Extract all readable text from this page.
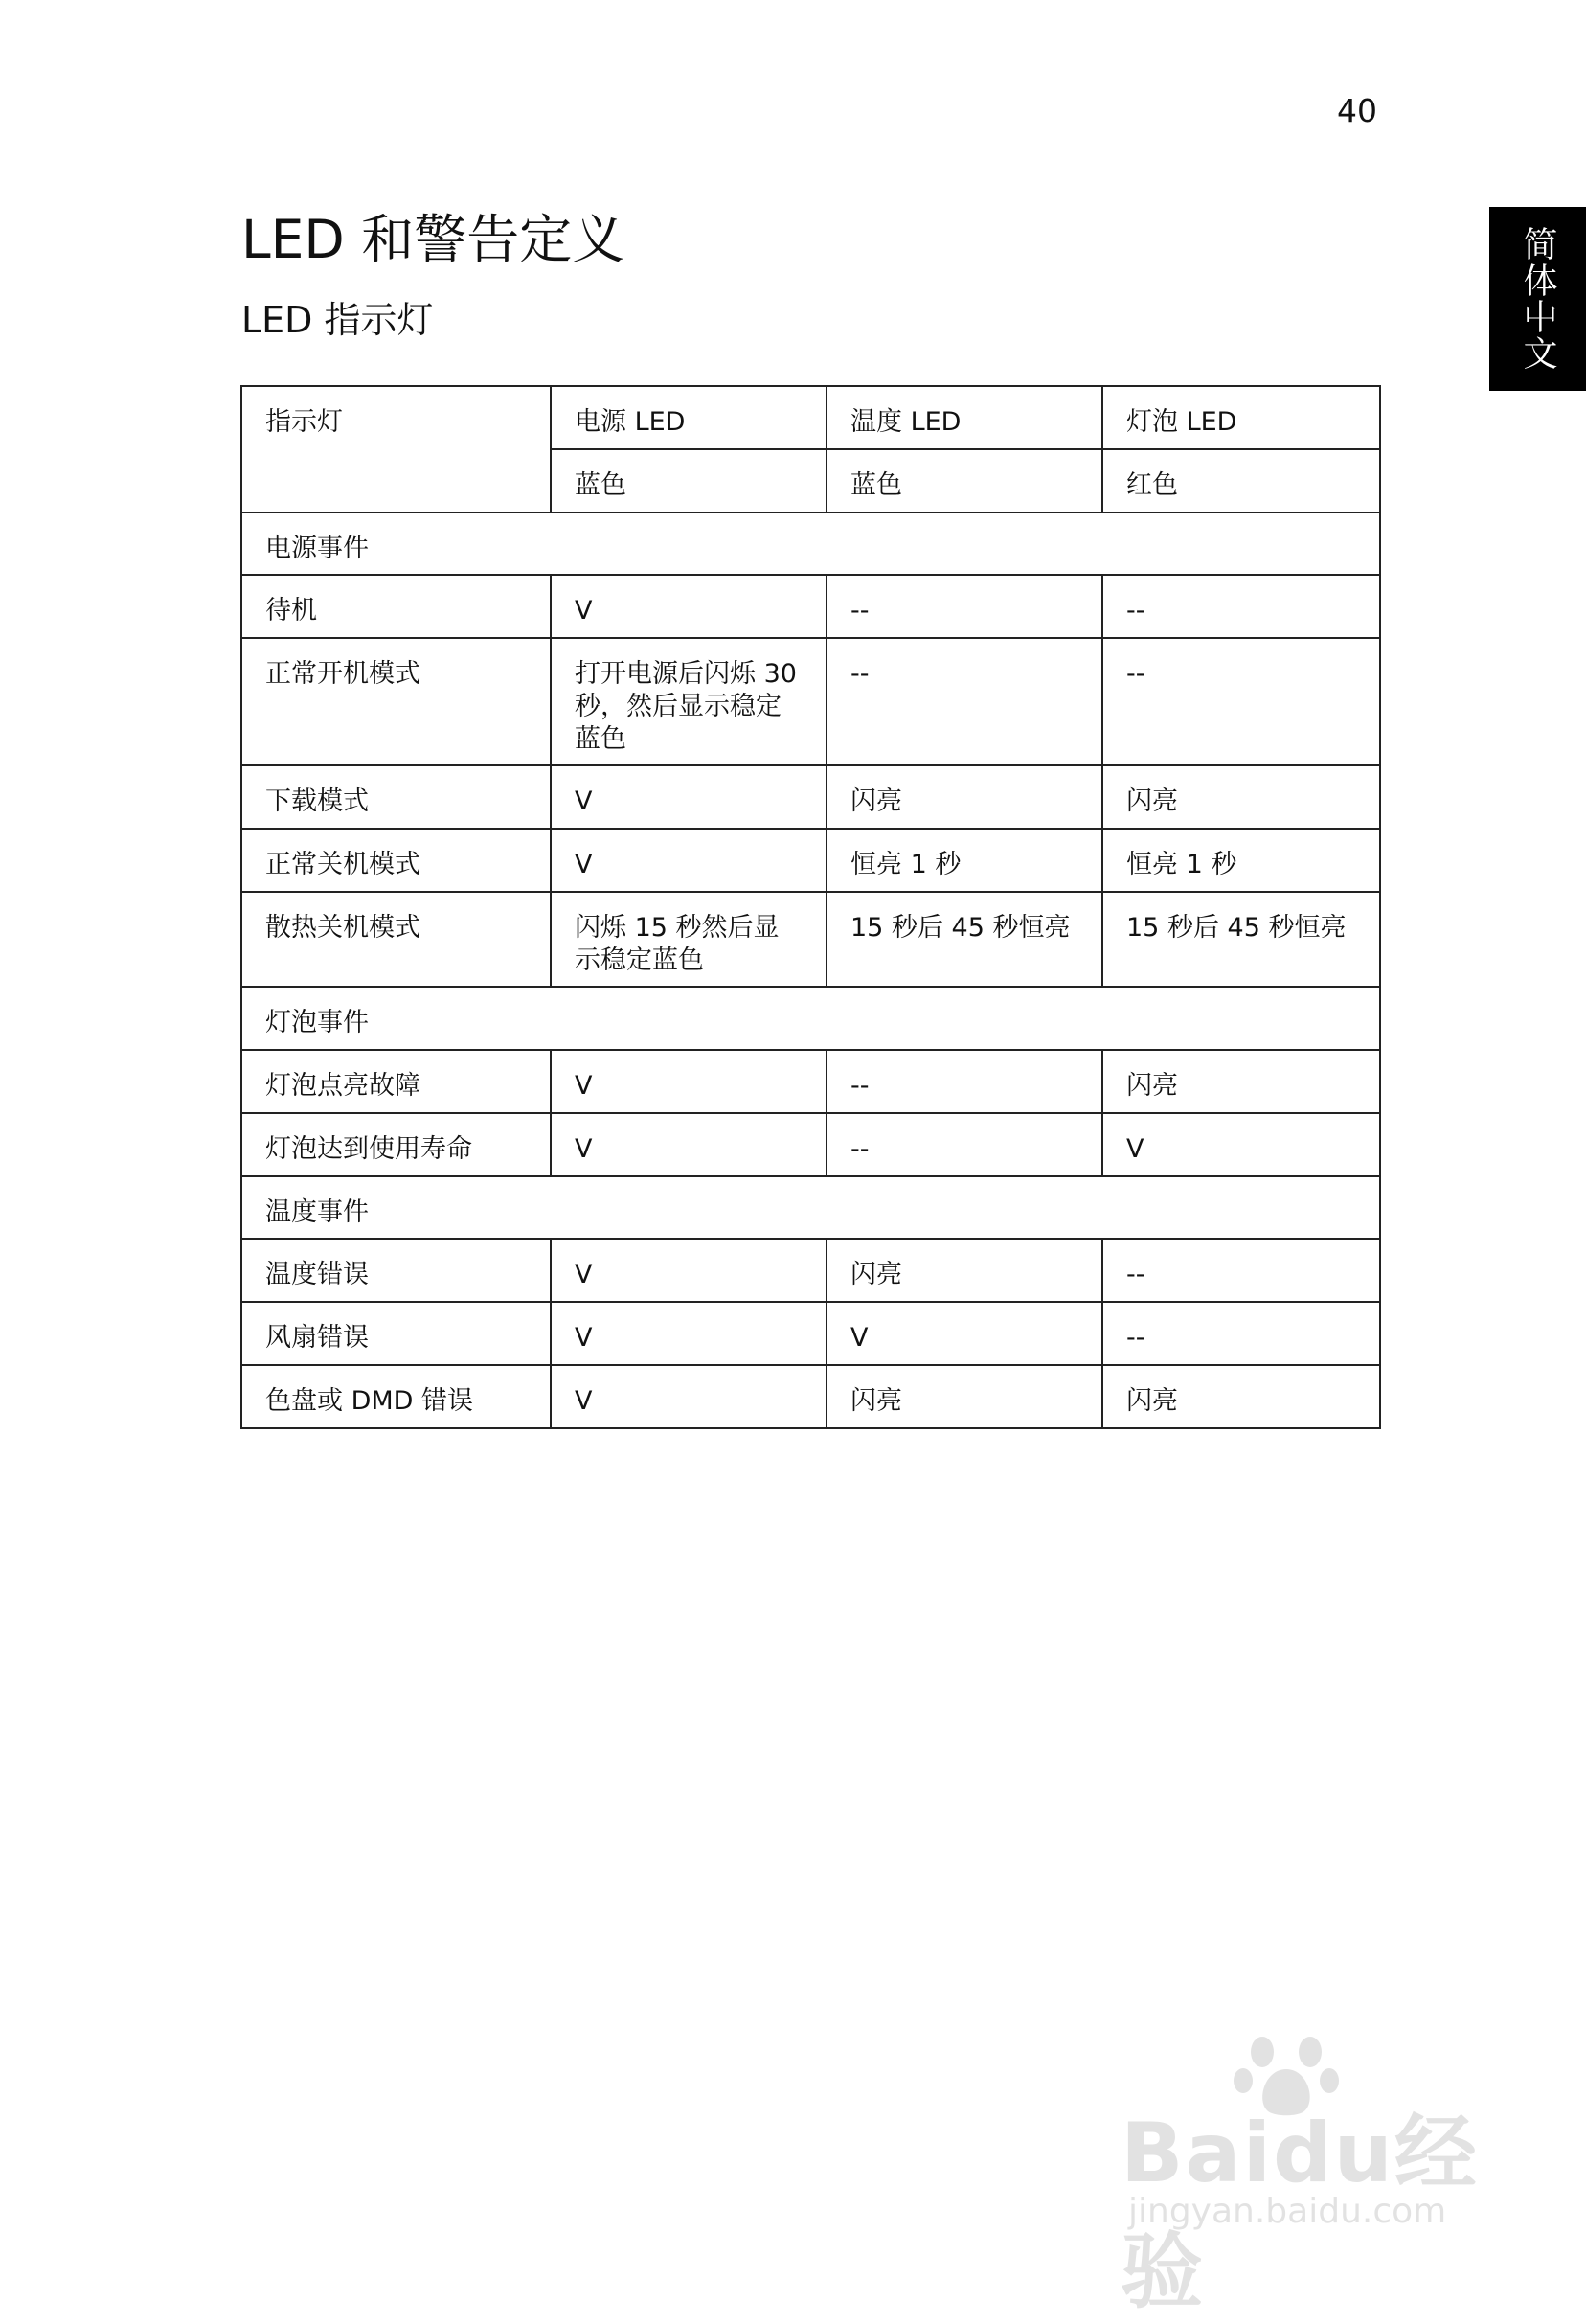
40
简体中文
LED 和警告定义
LED 指示灯
指示灯	电源 LED	温度 LED	灯泡 LED
	蓝色	蓝色	红色
电源事件			
待机	V	--	--
正常开机模式	打开电源后闪烁 30 秒，然后显示稳定蓝色	--	--
下载模式	V	闪亮	闪亮
正常关机模式	V	恒亮 1 秒	恒亮 1 秒
散热关机模式	闪烁 15 秒然后显示稳定蓝色	15 秒后 45 秒恒亮	15 秒后 45 秒恒亮
灯泡事件			
灯泡点亮故障	V	--	闪亮
灯泡达到使用寿命	V	--	V
温度事件			
温度错误	V	闪亮	--
风扇错误	V	V	--
色盘或 DMD 错误	V	闪亮	闪亮
Baidu经验
jingyan.baidu.com
